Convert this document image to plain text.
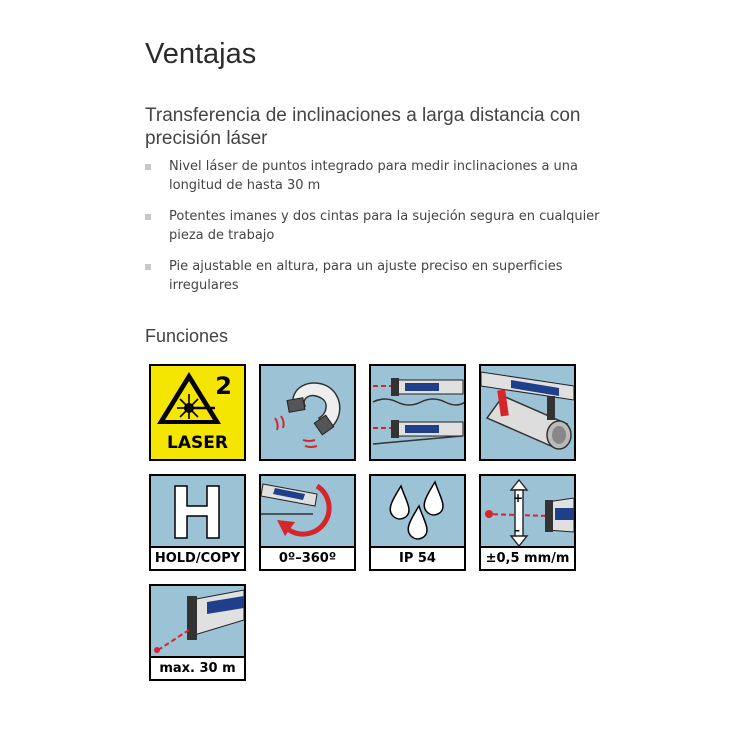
Ventajas
Transferencia de inclinaciones a larga distancia con precisión láser
Nivel láser de puntos integrado para medir inclinaciones a una longitud de hasta 30 m
Potentes imanes y dos cintas para la sujeción segura en cualquier pieza de trabajo
Pie ajustable en altura, para un ajuste preciso en superficies irregulares
Funciones
2
LASER
HOLD/COPY	0º–360º	IP 54
+
–
±0,5 mm/m
max. 30 m
